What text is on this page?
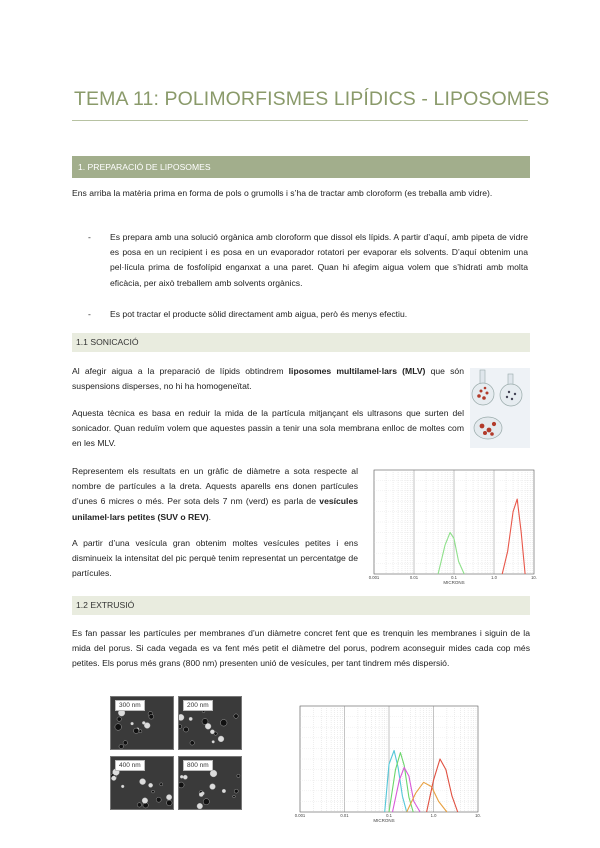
TEMA 11: POLIMORFISMES LIPÍDICS - LIPOSOMES
1. PREPARACIÓ DE LIPOSOMES

Ens arriba la matèria prima en forma de pols o grumolls i s’ha de tractar amb cloroform (es treballa amb vidre).

- Es prepara amb una solució orgànica amb cloroform que dissol els lípids. A partir d’aquí, amb pipeta de vidre es posa en un recipient i es posa en un evaporador rotatori per evaporar els solvents. D’aquí obtenim una pel·lícula prima de fosfolípid enganxat a una paret. Quan hi afegim aigua volem que s’hidrati amb molta eficàcia, per això treballem amb solvents orgànics.

- Es pot tractar el producte sòlid directament amb aigua, però és menys efectiu.

1.1 SONICACIÓ

Al afegir aigua a la preparació de lípids obtindrem liposomes multilamel·lars (MLV) que són suspensions disperses, no hi ha homogeneïtat.

Aquesta tècnica es basa en reduir la mida de la partícula mitjançant els ultrasons que surten del sonicador. Quan reduïm volem que aquestes passin a tenir una sola membrana enlloc de moltes com en les MLV.

Representem els resultats en un gràfic de diàmetre a sota respecte al nombre de partícules a la dreta. Aquests aparells ens donen partícules d’unes 6 micres o més. Per sota dels 7 nm (verd) es parla de vesícules unilamel·lars petites (SUV o REV).

A partir d’una vesícula gran obtenim moltes vesícules petites i ens disminueix la intensitat del pic perquè tenim representat un percentatge de partícules.	0.001	0.01	0.1	1.0	10.
MICRONS
1.2 EXTRUSIÓ

Es fan passar les partícules per membranes d’un diàmetre concret fent que es trenquin les membranes i siguin de la mida del porus. Si cada vegada es va fent més petit el diàmetre del porus, podrem aconseguir mides cada cop més petites. Els porus més grans (800 nm) presenten unió de vesícules, per tant tindrem més dispersió.

300 nm	200 nm
400 nm	800 nm
0.001	0.01	0.1	1.0	10.
MICRONS
